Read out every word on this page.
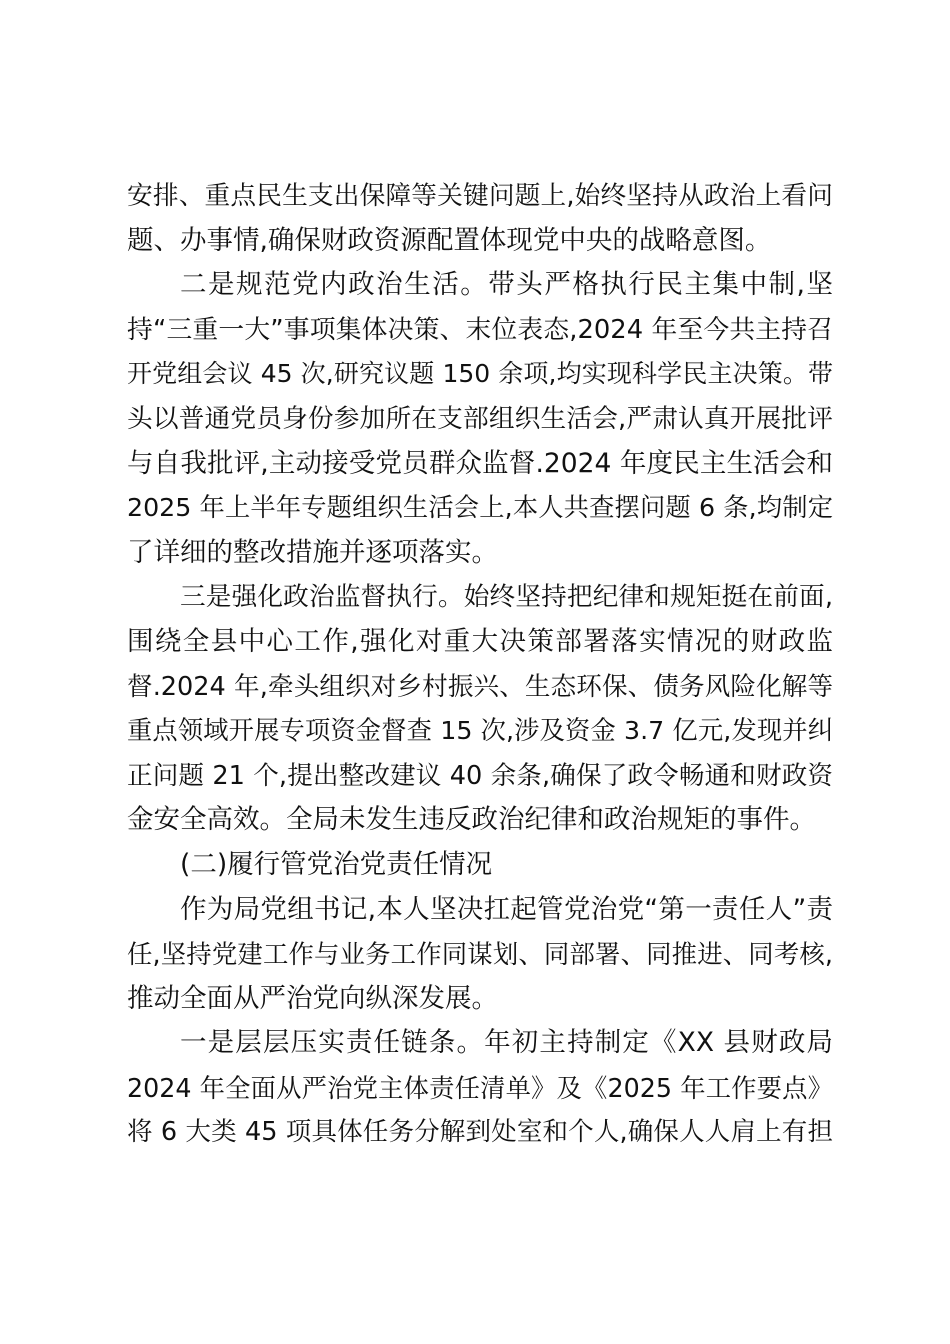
安排、重点民生支出保障等关键问题上,始终坚持从政治上看问
题、办事情,确保财政资源配置体现党中央的战略意图。
二是规范党内政治生活。带头严格执行民主集中制,坚
持“三重一大”事项集体决策、末位表态,2024 年至今共主持召
开党组会议 45 次,研究议题 150 余项,均实现科学民主决策。带
头以普通党员身份参加所在支部组织生活会,严肃认真开展批评
与自我批评,主动接受党员群众监督.2024 年度民主生活会和
2025 年上半年专题组织生活会上,本人共查摆问题 6 条,均制定
了详细的整改措施并逐项落实。
三是强化政治监督执行。始终坚持把纪律和规矩挺在前面,
围绕全县中心工作,强化对重大决策部署落实情况的财政监
督.2024 年,牵头组织对乡村振兴、生态环保、债务风险化解等
重点领域开展专项资金督查 15 次,涉及资金 3.7 亿元,发现并纠
正问题 21 个,提出整改建议 40 余条,确保了政令畅通和财政资
金安全高效。全局未发生违反政治纪律和政治规矩的事件。
(二)履行管党治党责任情况
作为局党组书记,本人坚决扛起管党治党“第一责任人”责
任,坚持党建工作与业务工作同谋划、同部署、同推进、同考核,
推动全面从严治党向纵深发展。
一是层层压实责任链条。年初主持制定《XX 县财政局
2024 年全面从严治党主体责任清单》及《2025 年工作要点》
将 6 大类 45 项具体任务分解到处室和个人,确保人人肩上有担
